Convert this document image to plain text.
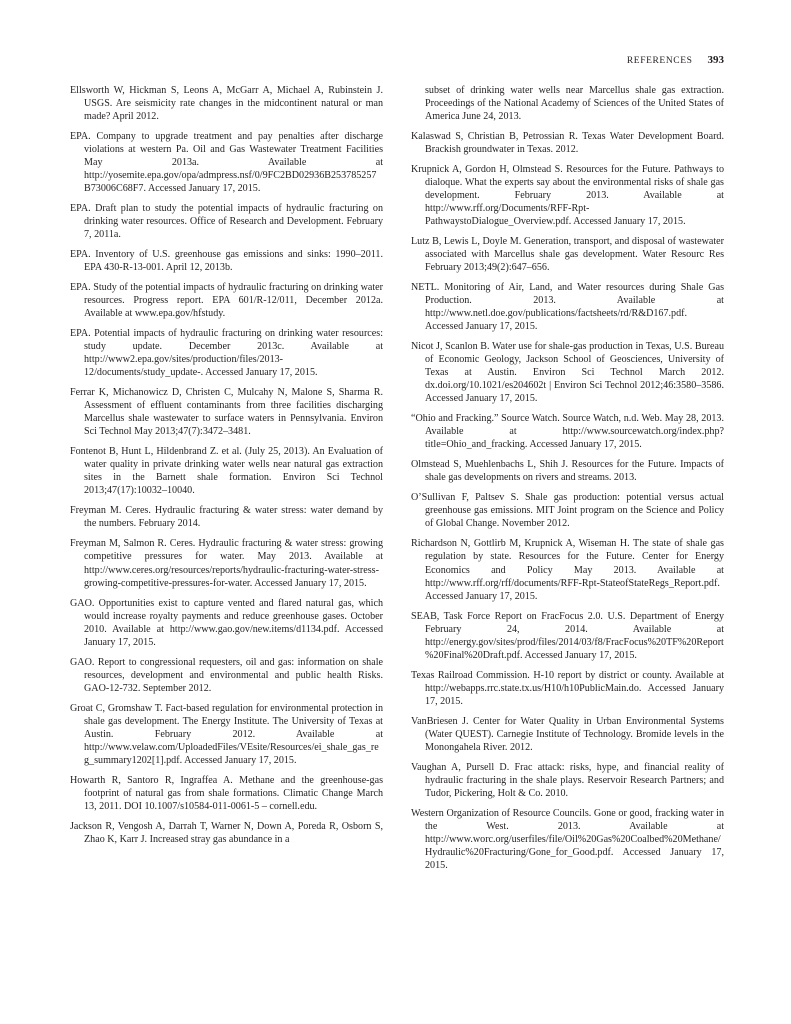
REFERENCES 393

Ellsworth W, Hickman S, Leons A, McGarr A, Michael A, Rubinstein J. USGS. Are seismicity rate changes in the midcontinent natural or man made? April 2012.

EPA. Company to upgrade treatment and pay penalties after discharge violations at western Pa. Oil and Gas Wastewater Treatment Facilities May 2013a. Available at http://yosemite.epa.gov/opa/admpress.nsf/0/9FC2BD02936B253785257B73006C68F7. Accessed January 17, 2015.

EPA. Draft plan to study the potential impacts of hydraulic fracturing on drinking water resources. Office of Research and Development. February 7, 2011a.

EPA. Inventory of U.S. greenhouse gas emissions and sinks: 1990–2011. EPA 430-R-13-001. April 12, 2013b.

EPA. Study of the potential impacts of hydraulic fracturing on drinking water resources. Progress report. EPA 601/R-12/011, December 2012a. Available at www.epa.gov/hfstudy.

EPA. Potential impacts of hydraulic fracturing on drinking water resources: study update. December 2013c. Available at http://www2.epa.gov/sites/production/files/2013-12/documents/study_update-. Accessed January 17, 2015.

Ferrar K, Michanowicz D, Christen C, Mulcahy N, Malone S, Sharma R. Assessment of effluent contaminants from three facilities discharging Marcellus shale wastewater to surface waters in Pennsylvania. Environ Sci Technol May 2013;47(7):3472–3481.

Fontenot B, Hunt L, Hildenbrand Z. et al. (July 25, 2013). An Evaluation of water quality in private drinking water wells near natural gas extraction sites in the Barnett shale formation. Environ Sci Technol 2013;47(17):10032–10040.

Freyman M. Ceres. Hydraulic fracturing & water stress: water demand by the numbers. February 2014.

Freyman M, Salmon R. Ceres. Hydraulic fracturing & water stress: growing competitive pressures for water. May 2013. Available at http://www.ceres.org/resources/reports/hydraulic-fracturing-water-stress-growing-competitive-pressures-for-water. Accessed January 17, 2015.

GAO. Opportunities exist to capture vented and flared natural gas, which would increase royalty payments and reduce greenhouse gases. October 2010. Available at http://www.gao.gov/new.items/d1134.pdf. Accessed January 17, 2015.

GAO. Report to congressional requesters, oil and gas: information on shale resources, development and environmental and public health Risks. GAO-12-732. September 2012.

Groat C, Gromshaw T. Fact-based regulation for environmental protection in shale gas development. The Energy Institute. The University of Texas at Austin. February 2012. Available at http://www.velaw.com/UploadedFiles/VEsite/Resources/ei_shale_gas_reg_summary1202[1].pdf. Accessed January 17, 2015.

Howarth R, Santoro R, Ingraffea A. Methane and the greenhouse-gas footprint of natural gas from shale formations. Climatic Change March 13, 2011. DOI 10.1007/s10584-011-0061-5 – cornell.edu.

Jackson R, Vengosh A, Darrah T, Warner N, Down A, Poreda R, Osborn S, Zhao K, Karr J. Increased stray gas abundance in a

subset of drinking water wells near Marcellus shale gas extraction. Proceedings of the National Academy of Sciences of the United States of America June 24, 2013.

Kalaswad S, Christian B, Petrossian R. Texas Water Development Board. Brackish groundwater in Texas. 2012.

Krupnick A, Gordon H, Olmstead S. Resources for the Future. Pathways to dialoque. What the experts say about the environmental risks of shale gas development. February 2013. Available at http://www.rff.org/Documents/RFF-Rpt-PathwaystoDialogue_Overview.pdf. Accessed January 17, 2015.

Lutz B, Lewis L, Doyle M. Generation, transport, and disposal of wastewater associated with Marcellus shale gas development. Water Resourc Res February 2013;49(2):647–656.

NETL. Monitoring of Air, Land, and Water resources during Shale Gas Production. 2013. Available at http://www.netl.doe.gov/publications/factsheets/rd/R&D167.pdf. Accessed January 17, 2015.

Nicot J, Scanlon B. Water use for shale-gas production in Texas, U.S. Bureau of Economic Geology, Jackson School of Geosciences, University of Texas at Austin. Environ Sci Technol March 2012. dx.doi.org/10.1021/es204602t | Environ Sci Technol 2012;46:3580–3586. Accessed January 17, 2015.

“Ohio and Fracking.” Source Watch. Source Watch, n.d. Web. May 28, 2013. Available at http://www.sourcewatch.org/index.php?title=Ohio_and_fracking. Accessed January 17, 2015.

Olmstead S, Muehlenbachs L, Shih J. Resources for the Future. Impacts of shale gas developments on rivers and streams. 2013.

O’Sullivan F, Paltsev S. Shale gas production: potential versus actual greenhouse gas emissions. MIT Joint program on the Science and Policy of Global Change. November 2012.

Richardson N, Gottlirb M, Krupnick A, Wiseman H. The state of shale gas regulation by state. Resources for the Future. Center for Energy Economics and Policy May 2013. Available at http://www.rff.org/rff/documents/RFF-Rpt-StateofStateRegs_Report.pdf. Accessed January 17, 2015.

SEAB, Task Force Report on FracFocus 2.0. U.S. Department of Energy February 24, 2014. Available at http://energy.gov/sites/prod/files/2014/03/f8/FracFocus%20TF%20Report%20Final%20Draft.pdf. Accessed January 17, 2015.

Texas Railroad Commission. H-10 report by district or county. Available at http://webapps.rrc.state.tx.us/H10/h10PublicMain.do. Accessed January 17, 2015.

VanBriesen J. Center for Water Quality in Urban Environmental Systems (Water QUEST). Carnegie Institute of Technology. Bromide levels in the Monongahela River. 2012.

Vaughan A, Pursell D. Frac attack: risks, hype, and financial reality of hydraulic fracturing in the shale plays. Reservoir Research Partners; and Tudor, Pickering, Holt & Co. 2010.

Western Organization of Resource Councils. Gone or good, fracking water in the West. 2013. Available at http://www.worc.org/userfiles/file/Oil%20Gas%20Coalbed%20Methane/Hydraulic%20Fracturing/Gone_for_Good.pdf. Accessed January 17, 2015.
